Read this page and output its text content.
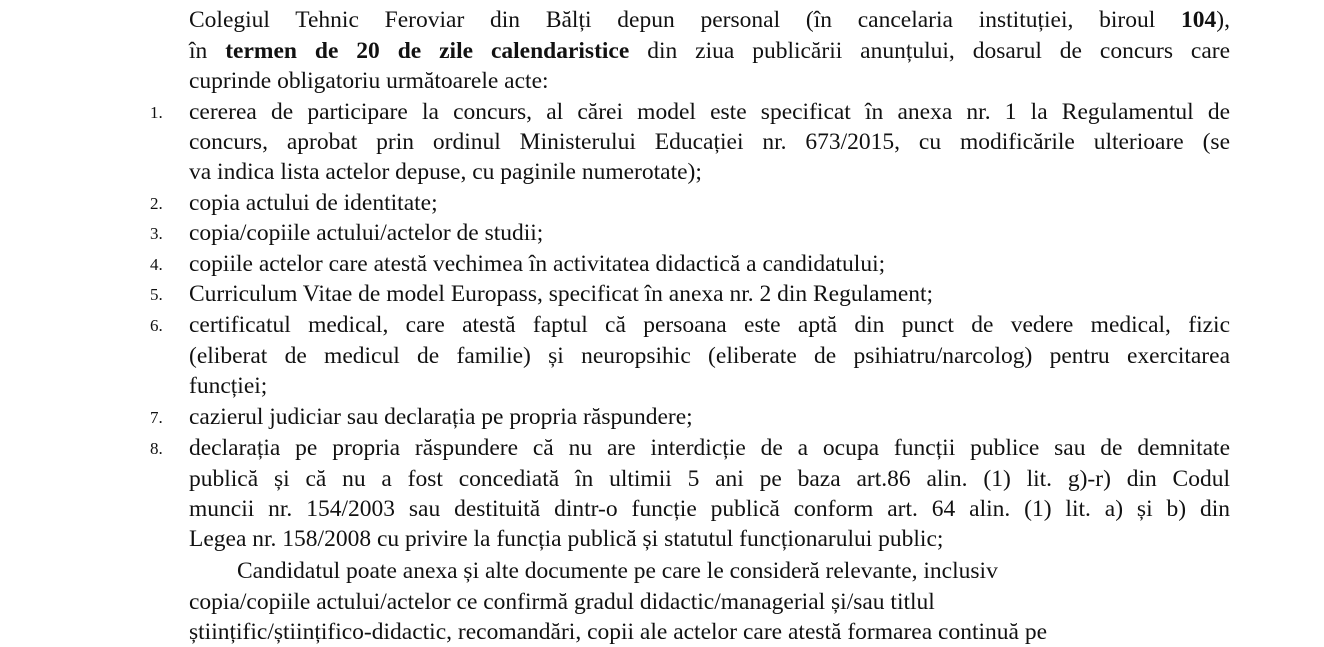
Colegiul Tehnic Feroviar din Bălți depun personal (în cancelaria instituției, biroul 104),
în termen de 20 de zile calendaristice din ziua publicării anunțului, dosarul de concurs care
cuprinde obligatoriu următoarele acte:
1. cererea de participare la concurs, al cărei model este specificat în anexa nr. 1 la Regulamentul de
concurs, aprobat prin ordinul Ministerului Educației nr. 673/2015, cu modificările ulterioare (se
va indica lista actelor depuse, cu paginile numerotate);
2. copia actului de identitate;
3. copia/copiile actului/actelor de studii;
4. copiile actelor care atestă vechimea în activitatea didactică a candidatului;
5. Curriculum Vitae de model Europass, specificat în anexa nr. 2 din Regulament;
6. certificatul medical, care atestă faptul că persoana este aptă din punct de vedere medical, fizic
(eliberat de medicul de familie) și neuropsihic (eliberate de psihiatru/narcolog) pentru exercitarea
funcției;
7. cazierul judiciar sau declarația pe propria răspundere;
8. declarația pe propria răspundere că nu are interdicție de a ocupa funcții publice sau de demnitate
publică și că nu a fost concediată în ultimii 5 ani pe baza art.86 alin. (1) lit. g)-r) din Codul
muncii nr. 154/2003 sau destituită dintr-o funcție publică conform art. 64 alin. (1) lit. a) și b) din
Legea nr. 158/2008 cu privire la funcția publică și statutul funcționarului public;
Candidatul poate anexa și alte documente pe care le consideră relevante, inclusiv
copia/copiile actului/actelor ce confirmă gradul didactic/managerial și/sau titlul
științific/științifico-didactic, recomandări, copii ale actelor care atestă formarea continuă pe
